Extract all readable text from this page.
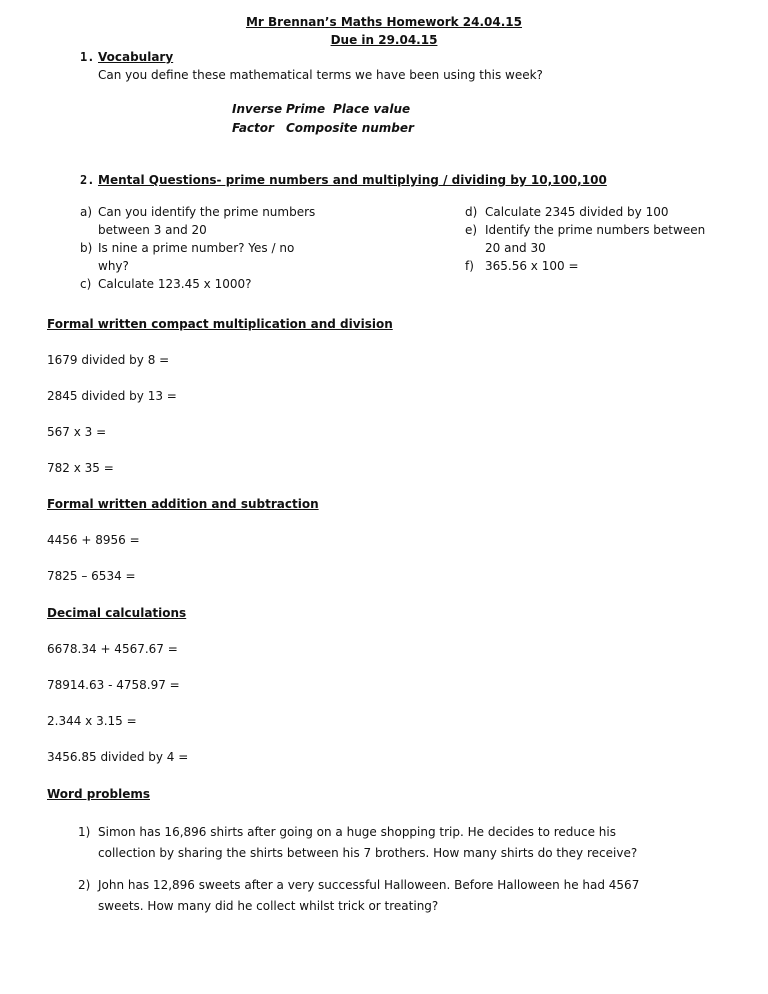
Mr Brennan’s Maths Homework 24.04.15
Due in 29.04.15
1. Vocabulary
Can you define these mathematical terms we have been using this week?
Inverse Prime Place value
Factor Composite number
2. Mental Questions- prime numbers and multiplying / dividing by 10,100,100
a) Can you identify the prime numbers
between 3 and 20
b) Is nine a prime number? Yes / no
why?
c) Calculate 123.45 x 1000?
d) Calculate 2345 divided by 100
e) Identify the prime numbers between
20 and 30
f) 365.56 x 100 =
Formal written compact multiplication and division
1679 divided by 8 =
2845 divided by 13 =
567 x 3 =
782 x 35 =
Formal written addition and subtraction
4456 + 8956 =
7825 – 6534 =
Decimal calculations
6678.34 + 4567.67 =
78914.63 - 4758.97 =
2.344 x 3.15 =
3456.85 divided by 4 =
Word problems
1) Simon has 16,896 shirts after going on a huge shopping trip. He decides to reduce his
collection by sharing the shirts between his 7 brothers. How many shirts do they receive?
2) John has 12,896 sweets after a very successful Halloween. Before Halloween he had 4567
sweets. How many did he collect whilst trick or treating?
